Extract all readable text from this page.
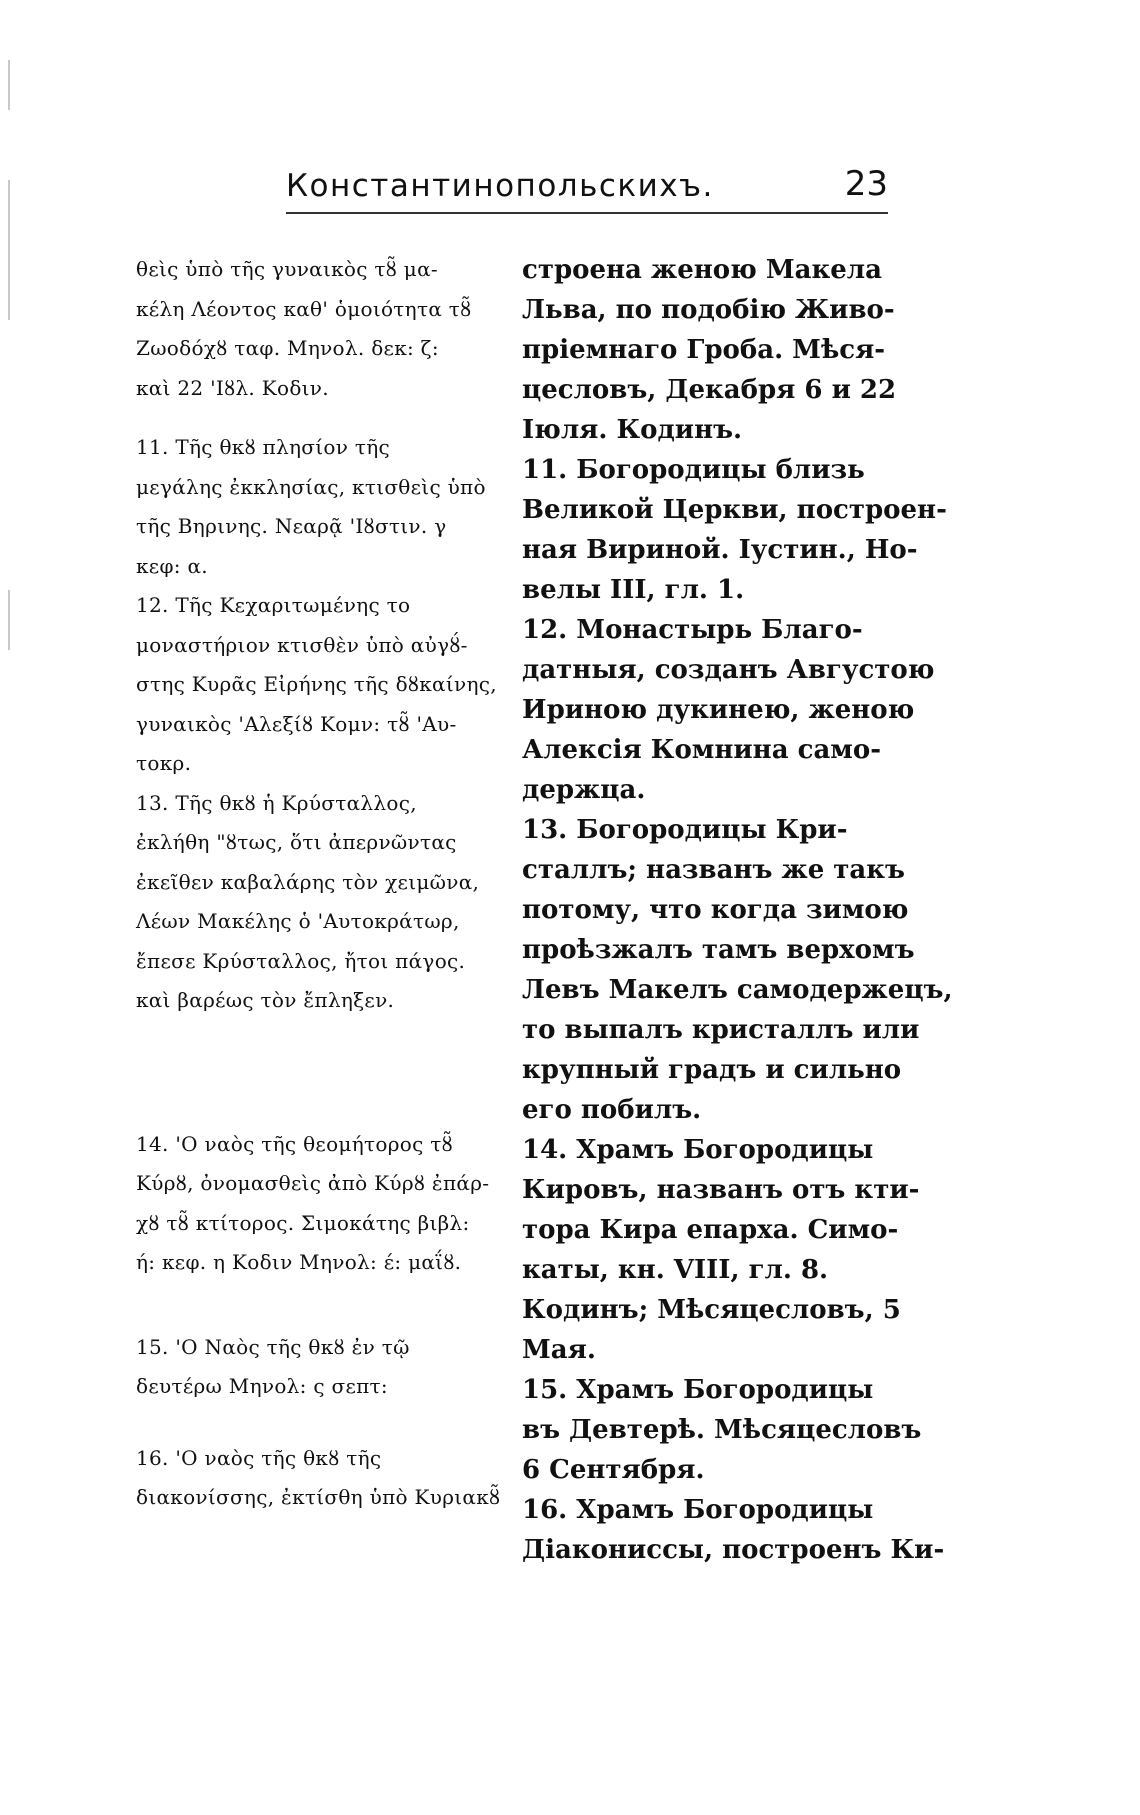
Константинопольскихъ.	23
θεὶς ὑπὸ τῆς γυναικὸς τȣ̃ μα-
κέλη Λέοντος καθ' ὁμοιότητα τȣ̃
Ζωοδόχȣ ταφ. Μηνολ. δεκ: ζ:
καὶ 22 'Ιȣλ. Κοδιν.
11. Τῆς θκȣ πλησίον τῆς
μεγάλης ἐκκλησίας, κτισθεὶς ὑπὸ
τῆς Βηρινης. Νεαρᾷ 'Ιȣστιν. γ
κεφ: α.
12. Τῆς Κεχαριτωμένης το
μοναστήριον κτισθὲν ὑπὸ αὐγȣ́-
στης Κυρᾶς Εἰρήνης τῆς δȣκαίνης,
γυναικὸς 'Αλεξίȣ Κομν: τȣ̃ 'Αυ-
τοκρ.
13. Τῆς θκȣ ἡ Κρύσταλλος,
ἐκλήθη "ȣτως, ὅτι ἀπερνῶντας
ἐκεῖθεν καβαλάρης τὸν χειμῶνα,
Λέων Μακέλης ὁ 'Αυτοκράτωρ,
ἔπεσε Κρύσταλλος, ἤτοι πάγος.
καὶ βαρέως τὸν ἔπληξεν.
14. 'Ο ναὸς τῆς θεομήτορος τȣ̃
Κύρȣ, ὀνομασθεὶς ἀπὸ Κύρȣ ἐπάρ-
χȣ τȣ̃ κτίτορος. Σιμοκάτης βιβλ:
ή: κεφ. η Κοδιν Μηνολ: έ: μαΐȣ.
15. 'Ο Ναὸς τῆς θκȣ ἐν τῷ
δευτέρω Μηνολ: ς σεπτ:
16. 'Ο ναὸς τῆς θκȣ τῆς
διακονίσσης, ἐκτίσθη ὑπὸ Κυριακȣ̃
строена женою Макела
Льва, по подобію Живо-
пріемнаго Гроба. Мѣся-
цесловъ, Декабря 6 и 22
Іюля. Кодинъ.
11. Богородицы близь
Великой Церкви, построен-
ная Вириной. Іустин., Но-
велы III, гл. 1.
12. Монастырь Благо-
датныя, созданъ Августою
Ириною дукинею, женою
Алексія Комнина само-
держца.
13. Богородицы Кри-
сталлъ; названъ же такъ
потому, что когда зимою
проѣзжалъ тамъ верхомъ
Левъ Макелъ самодержецъ,
то выпалъ кристаллъ или
крупный градъ и сильно
его побилъ.
14. Храмъ Богородицы
Кировъ, названъ отъ кти-
тора Кира епарха. Симо-
каты, кн. VIII, гл. 8.
Кодинъ; Мѣсяцесловъ, 5
Мая.
15. Храмъ Богородицы
въ Девтерѣ. Мѣсяцесловъ
6 Сентября.
16. Храмъ Богородицы
Діакониссы, построенъ Ки-
